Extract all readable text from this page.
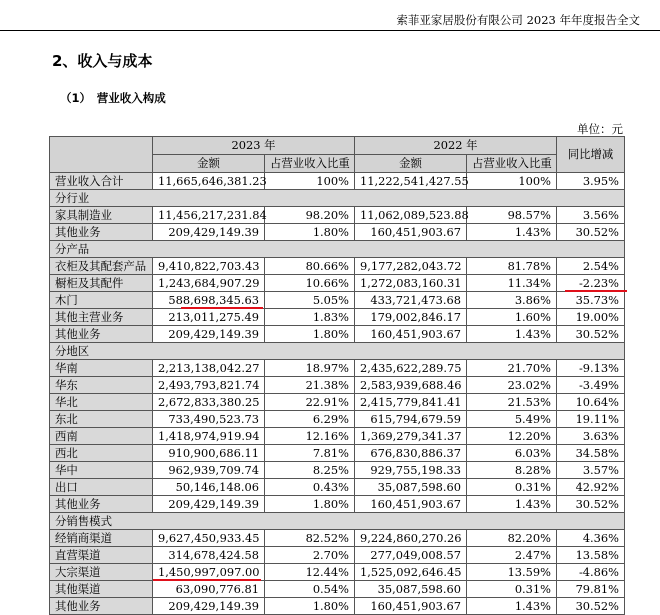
索菲亚家居股份有限公司 2023 年年度报告全文
2、收入与成本
（1）　营业收入构成
单位：元
	2023 年		2022 年		同比增减
	金额	占营业收入比重	金额	占营业收入比重	
营业收入合计	11,665,646,381.23	100%	11,222,541,427.55	100%	3.95%
分行业					
家具制造业	11,456,217,231.84	98.20%	11,062,089,523.88	98.57%	3.56%
其他业务	209,429,149.39	1.80%	160,451,903.67	1.43%	30.52%
分产品					
衣柜及其配套产品	9,410,822,703.43	80.66%	9,177,282,043.72	81.78%	2.54%
橱柜及其配件	1,243,684,907.29	10.66%	1,272,083,160.31	11.34%	-2.23%
木门	588,698,345.63	5.05%	433,721,473.68	3.86%	35.73%
其他主营业务	213,011,275.49	1.83%	179,002,846.17	1.60%	19.00%
其他业务	209,429,149.39	1.80%	160,451,903.67	1.43%	30.52%
分地区					
华南	2,213,138,042.27	18.97%	2,435,622,289.75	21.70%	-9.13%
华东	2,493,793,821.74	21.38%	2,583,939,688.46	23.02%	-3.49%
华北	2,672,833,380.25	22.91%	2,415,779,841.41	21.53%	10.64%
东北	733,490,523.73	6.29%	615,794,679.59	5.49%	19.11%
西南	1,418,974,919.94	12.16%	1,369,279,341.37	12.20%	3.63%
西北	910,900,686.11	7.81%	676,830,886.37	6.03%	34.58%
华中	962,939,709.74	8.25%	929,755,198.33	8.28%	3.57%
出口	50,146,148.06	0.43%	35,087,598.60	0.31%	42.92%
其他业务	209,429,149.39	1.80%	160,451,903.67	1.43%	30.52%
分销售模式					
经销商渠道	9,627,450,933.45	82.52%	9,224,860,270.26	82.20%	4.36%
直营渠道	314,678,424.58	2.70%	277,049,008.57	2.47%	13.58%
大宗渠道	1,450,997,097.00	12.44%	1,525,092,646.45	13.59%	-4.86%
其他渠道	63,090,776.81	0.54%	35,087,598.60	0.31%	79.81%
其他业务	209,429,149.39	1.80%	160,451,903.67	1.43%	30.52%
